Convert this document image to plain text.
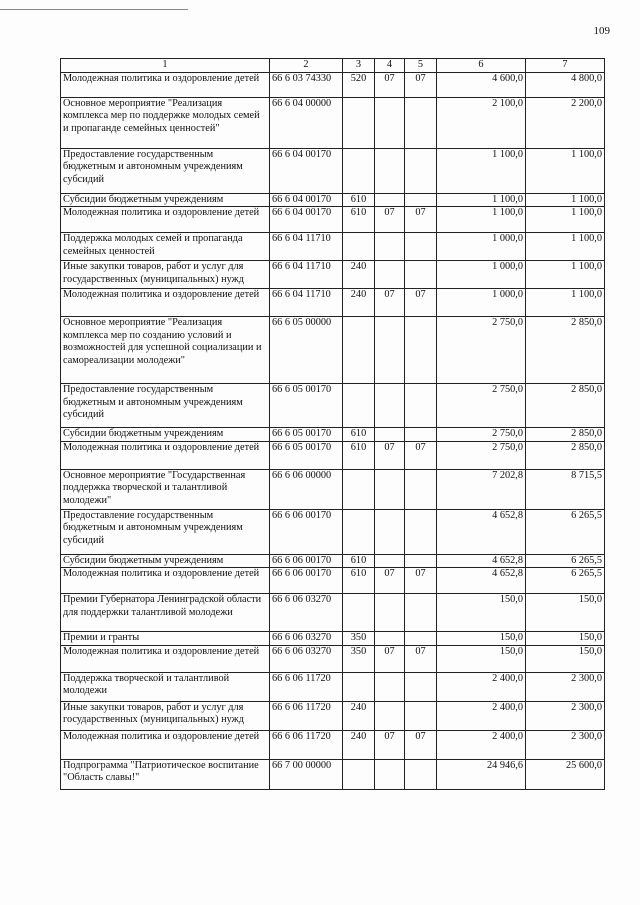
109
1	2	3	4	5	6	7
Молодежная политика и оздоровление детей	66 6 03 74330	520	07	07	4 600,0	4 800,0
Основное мероприятие "Реализация комплекса мер по поддержке молодых семей и пропаганде семейных ценностей"	66 6 04 00000				2 100,0	2 200,0
Предоставление государственным бюджетным и автономным учреждениям субсидий	66 6 04 00170				1 100,0	1 100,0
Субсидии бюджетным учреждениям	66 6 04 00170	610			1 100,0	1 100,0
Молодежная политика и оздоровление детей	66 6 04 00170	610	07	07	1 100,0	1 100,0
Поддержка молодых семей и пропаганда семейных ценностей	66 6 04 11710				1 000,0	1 100,0
Иные закупки товаров, работ и услуг для государственных (муниципальных) нужд	66 6 04 11710	240			1 000,0	1 100,0
Молодежная политика и оздоровление детей	66 6 04 11710	240	07	07	1 000,0	1 100,0
Основное мероприятие "Реализация комплекса мер по созданию условий и возможностей для успешной социализации и самореализации молодежи"	66 6 05 00000				2 750,0	2 850,0
Предоставление государственным бюджетным и автономным учреждениям субсидий	66 6 05 00170				2 750,0	2 850,0
Субсидии бюджетным учреждениям	66 6 05 00170	610			2 750,0	2 850,0
Молодежная политика и оздоровление детей	66 6 05 00170	610	07	07	2 750,0	2 850,0
Основное мероприятие "Государственная поддержка творческой и талантливой молодежи"	66 6 06 00000				7 202,8	8 715,5
Предоставление государственным бюджетным и автономным учреждениям субсидий	66 6 06 00170				4 652,8	6 265,5
Субсидии бюджетным учреждениям	66 6 06 00170	610			4 652,8	6 265,5
Молодежная политика и оздоровление детей	66 6 06 00170	610	07	07	4 652,8	6 265,5
Премии Губернатора Ленинградской области для поддержки талантливой молодежи	66 6 06 03270				150,0	150,0
Премии и гранты	66 6 06 03270	350			150,0	150,0
Молодежная политика и оздоровление детей	66 6 06 03270	350	07	07	150,0	150,0
Поддержка творческой и талантливой молодежи	66 6 06 11720				2 400,0	2 300,0
Иные закупки товаров, работ и услуг для государственных (муниципальных) нужд	66 6 06 11720	240			2 400,0	2 300,0
Молодежная политика и оздоровление детей	66 6 06 11720	240	07	07	2 400,0	2 300,0
Подпрограмма "Патриотическое воспитание "Область славы!"	66 7 00 00000				24 946,6	25 600,0
